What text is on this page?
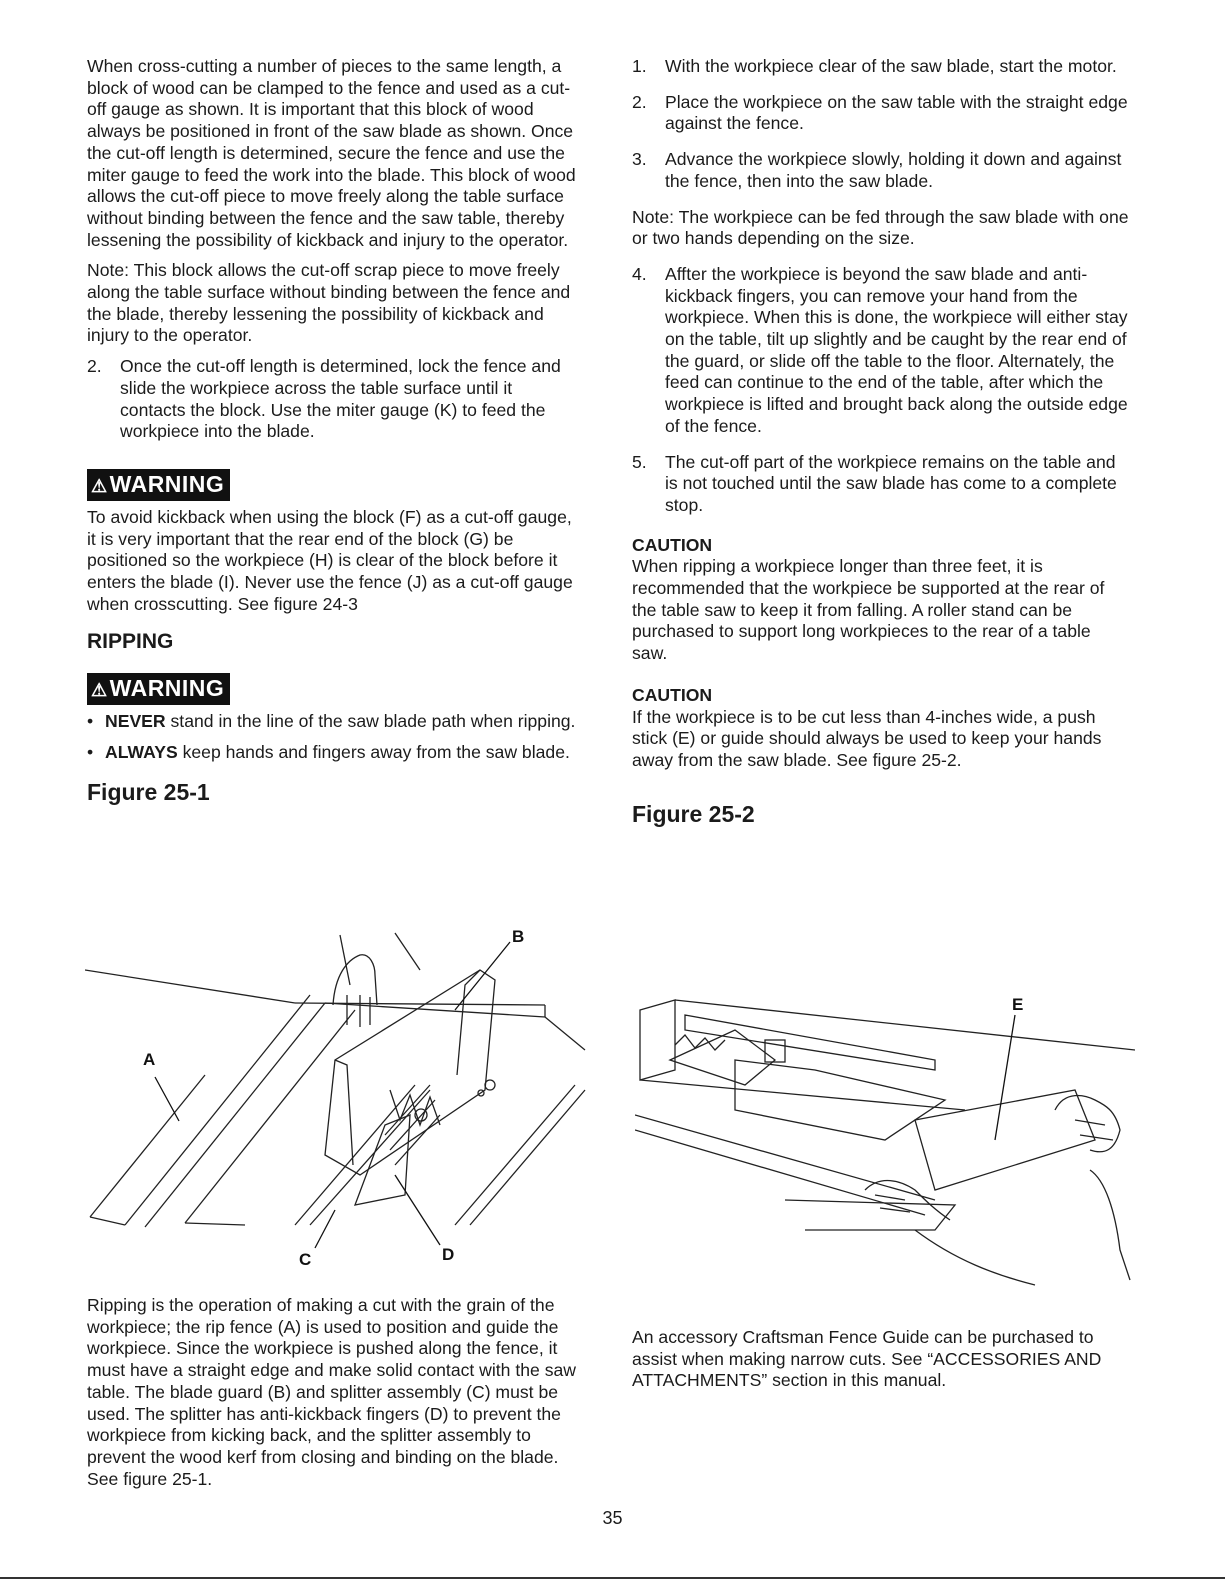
When cross-cutting a number of pieces to the same length, a block of wood can be clamped to the fence and used as a cut-off gauge as shown. It is important that this block of wood always be positioned in front of the saw blade as shown. Once the cut-off length is determined, secure the fence and use the miter gauge to feed the work into the blade. This block of wood allows the cut-off piece to move freely along the table surface without binding between the fence and the saw table, thereby lessening the possibility of kickback and injury to the operator.

Note: This block allows the cut-off scrap piece to move freely along the table surface without binding between the fence and the blade, thereby lessening the possibility of kickback and injury to the operator.

2.	Once the cut-off length is determined, lock the fence and slide the workpiece across the table surface until it contacts the block. Use the miter gauge (K) to feed the workpiece into the blade.
⚠WARNING

To avoid kickback when using the block (F) as a cut-off gauge, it is very important that the rear end of the block (G) be positioned so the workpiece (H) is clear of the block before it enters the blade (I). Never use the fence (J) as a cut-off gauge when crosscutting. See figure 24-3

RIPPING
⚠WARNING
• NEVER stand in the line of the saw blade path when ripping.
• ALWAYS keep hands and fingers away from the saw blade.
Figure 25-1
A
B
C	D

Ripping is the operation of making a cut with the grain of the workpiece; the rip fence (A) is used to position and guide the workpiece. Since the workpiece is pushed along the fence, it must have a straight edge and make solid contact with the saw table. The blade guard (B) and splitter assembly (C) must be used. The splitter has anti-kickback fingers (D) to prevent the workpiece from kicking back, and the splitter assembly to prevent the wood kerf from closing and binding on the blade. See figure 25-1.

1.	With the workpiece clear of the saw blade, start the motor.
2.	Place the workpiece on the saw table with the straight edge against the fence.
3.	Advance the workpiece slowly, holding it down and against the fence, then into the saw blade.

Note: The workpiece can be fed through the saw blade with one or two hands depending on the size.

4.	Affter the workpiece is beyond the saw blade and anti-kickback fingers, you can remove your hand from the workpiece. When this is done, the workpiece will either stay on the table, tilt up slightly and be caught by the rear end of the guard, or slide off the table to the floor. Alternately, the feed can continue to the end of the table, after which the workpiece is lifted and brought back along the outside edge of the fence.
5.	The cut-off part of the workpiece remains on the table and is not touched until the saw blade has come to a complete stop.
CAUTION

When ripping a workpiece longer than three feet, it is recommended that the workpiece be supported at the rear of the table saw to keep it from falling. A roller stand can be purchased to support long workpieces to the rear of a table saw.

CAUTION

If the workpiece is to be cut less than 4-inches wide, a push stick (E) or guide should always be used to keep your hands away from the saw blade. See figure 25-2.

Figure 25-2
E

An accessory Craftsman Fence Guide can be purchased to assist when making narrow cuts. See “ACCESSORIES AND ATTACHMENTS” section in this manual.

35
